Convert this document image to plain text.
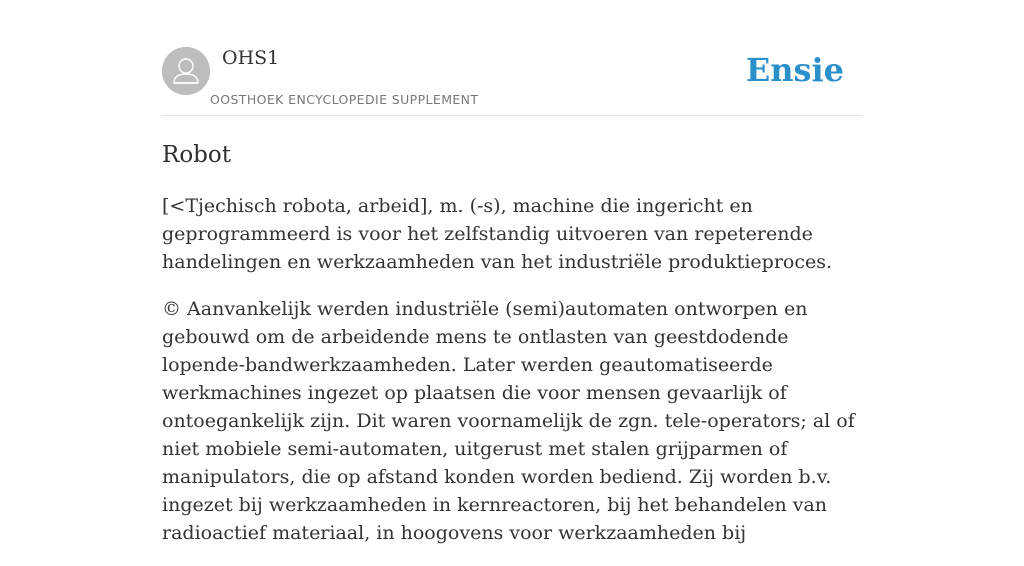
OHS1
OOSTHOEK ENCYCLOPEDIE SUPPLEMENT
Ensie
Robot

[<Tjechisch robota, arbeid], m. (-s), machine die ingericht en geprogrammeerd is voor het zelfstandig uitvoeren van repeterende handelingen en werkzaamheden van het industriële produktieproces.

© Aanvankelijk werden industriële (semi)automaten ontworpen en gebouwd om de arbeidende mens te ontlasten van geestdodende lopende-bandwerkzaamheden. Later werden geautomatiseerde werkmachines ingezet op plaatsen die voor mensen gevaarlijk of ontoegankelijk zijn. Dit waren voornamelijk de zgn. tele-operators; al of niet mobiele semi-automaten, uitgerust met stalen grijparmen of manipulators, die op afstand konden worden bediend. Zij worden b.v. ingezet bij werkzaamheden in kernreactoren, bij het behandelen van radioactief materiaal, in hoogovens voor werkzaamheden bij
